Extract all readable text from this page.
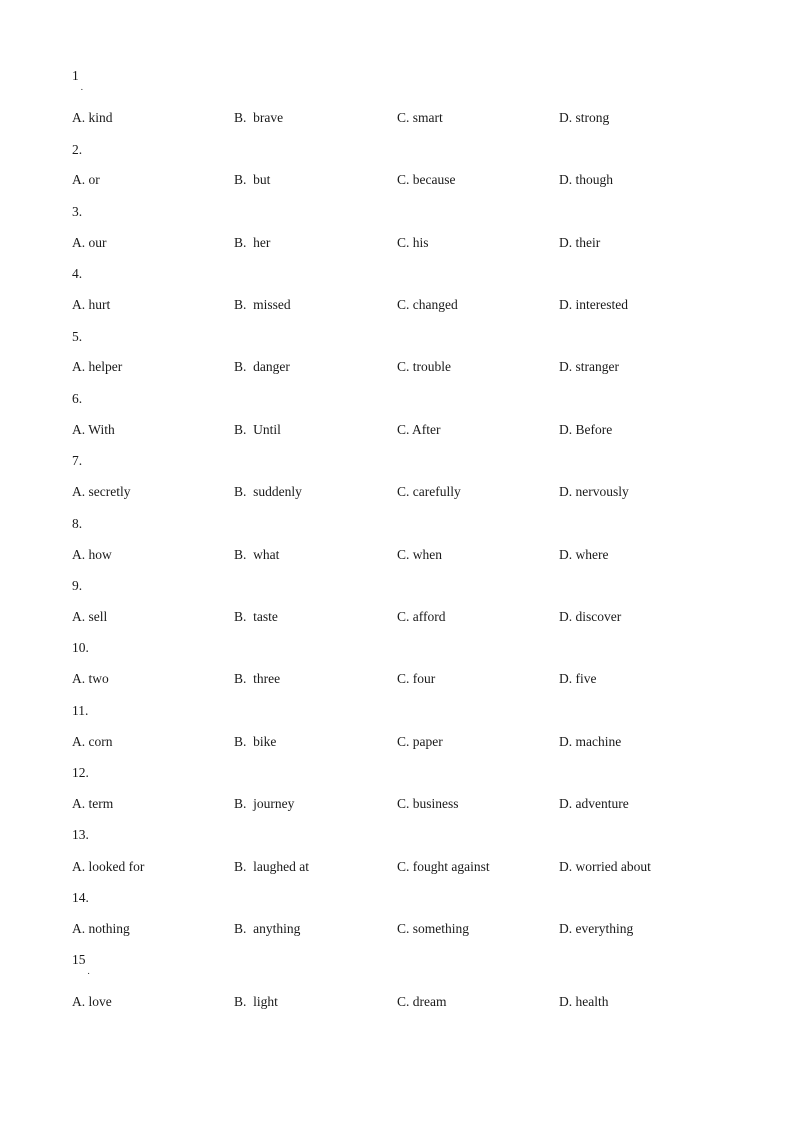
$1_.$
A. kind	B.  brave	C. smart	D. strong
2.
A. or	B.  but	C. because	D. though
3.
A. our	B.  her	C. his	D. their
4.
A. hurt	B.  missed	C. changed	D. interested
5.
A. helper	B.  danger	C. trouble	D. stranger
6.
A. With	B.  Until	C. After	D. Before
7.
A. secretly	B.  suddenly	C. carefully	D. nervously
8.
A. how	B.  what	C. when	D. where
9.
A. sell	B.  taste	C. afford	D. discover
10.
A. two	B.  three	C. four	D. five
11.
A. corn	B.  bike	C. paper	D. machine
12.
A. term	B.  journey	C. business	D. adventure
13.
A. looked for	B.  laughed at	C. fought against	D. worried about
14.
A. nothing	B.  anything	C. something	D. everything
$15_.$
A. love	B.  light	C. dream	D. health
